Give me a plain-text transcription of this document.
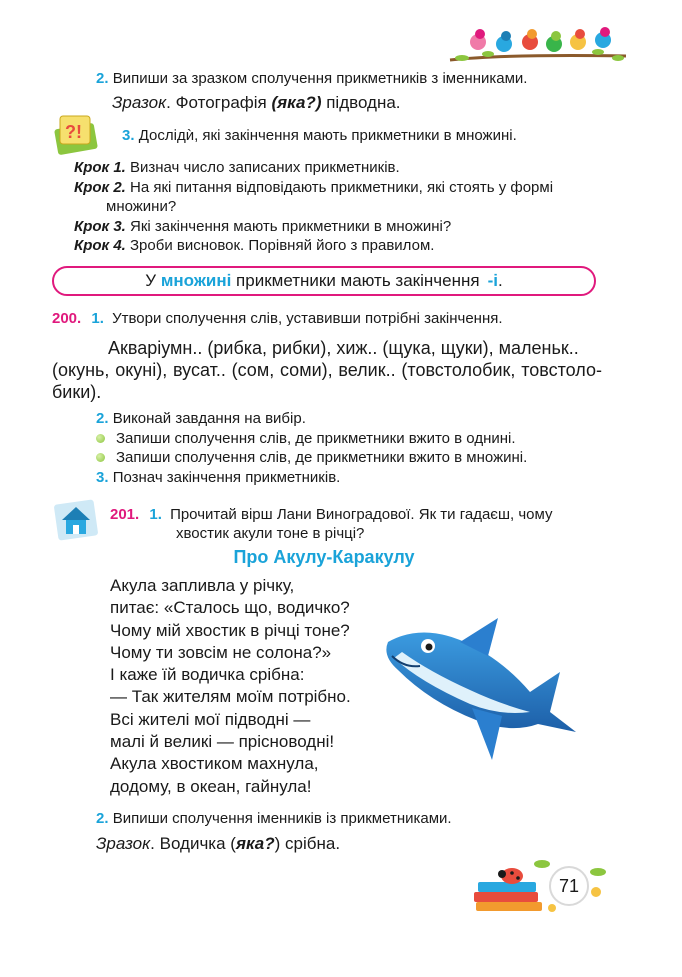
2. Випиши за зразком сполучення прикметників з іменниками.
Зразок. Фотографія (яка?) підводна.
?!	3. Дослідѝ, які закінчення мають прикметники в множині.
Крок 1. Визнач число записаних прикметників.
Крок 2. На які питання відповідають прикметники, які стоять у формі
множини?
Крок 3. Які закінчення мають прикметники в множині?
Крок 4. Зроби висновок. Порівняй його з правилом.
У множині прикметники мають закінчення -і.
200. 1. Утвори сполучення слів, уставивши потрібні закінчення.
Акваріумн.. (рибка, рибки), хиж.. (щука, щуки), маленьк..
(окунь, окуні), вусат.. (сом, соми), велик.. (товстолобик, товстоло-
бики).
2. Виконай завдання на вибір.
Запиши сполучення слів, де прикметники вжито в однині.
Запиши сполучення слів, де прикметники вжито в множині.
3. Познач закінчення прикметників.
201. 1. Прочитай вірш Лани Виноградової. Як ти гадаєш, чому
хвостик акули тоне в річці?
Про Акулу-Каракулу
Акула запливла у річку,
питає: «Сталось що, водичко?
Чому мій хвостик в річці тоне?
Чому ти зовсім не солона?»
І каже їй водичка срібна:
— Так жителям моїм потрібно.
Всі жителі мої підводні —
малі й великі — прісноводні!
Акула хвостиком махнула,
додому, в океан, гайнула!
2. Випиши сполучення іменників із прикметниками.
Зразок. Водичка (яка?) срібна.
71
